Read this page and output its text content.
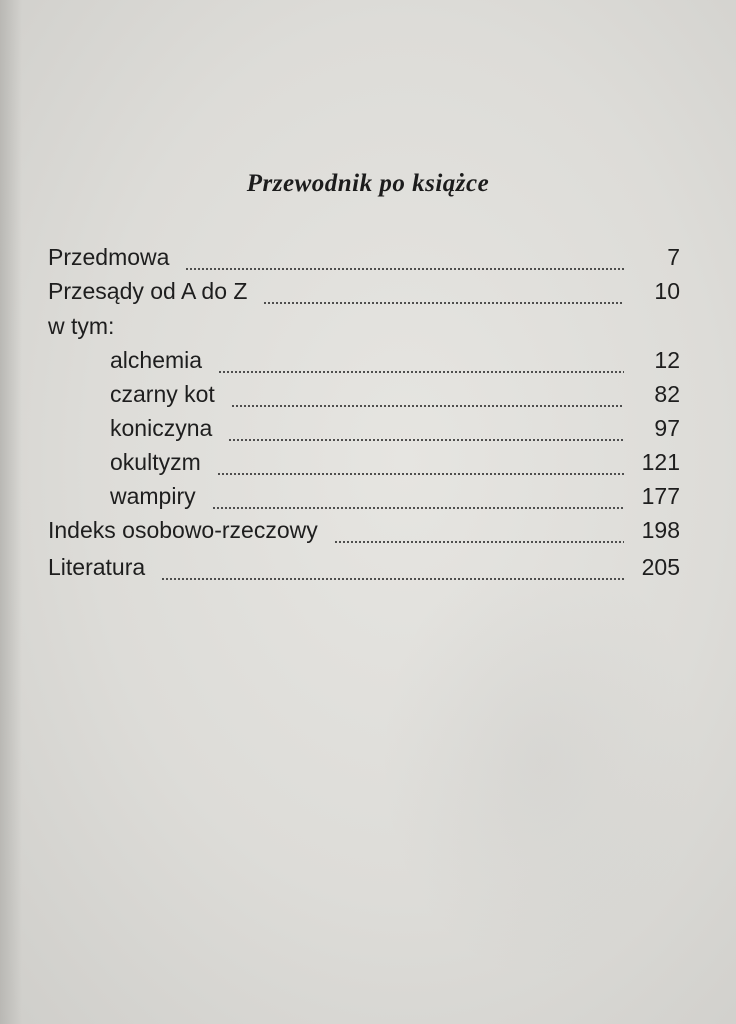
Przewodnik po książce
Przedmowa	7
Przesądy od A do Z	10
w tym:
alchemia	12
czarny kot	82
koniczyna	97
okultyzm	121
wampiry	177
Indeks osobowo-rzeczowy	198
Literatura	205
